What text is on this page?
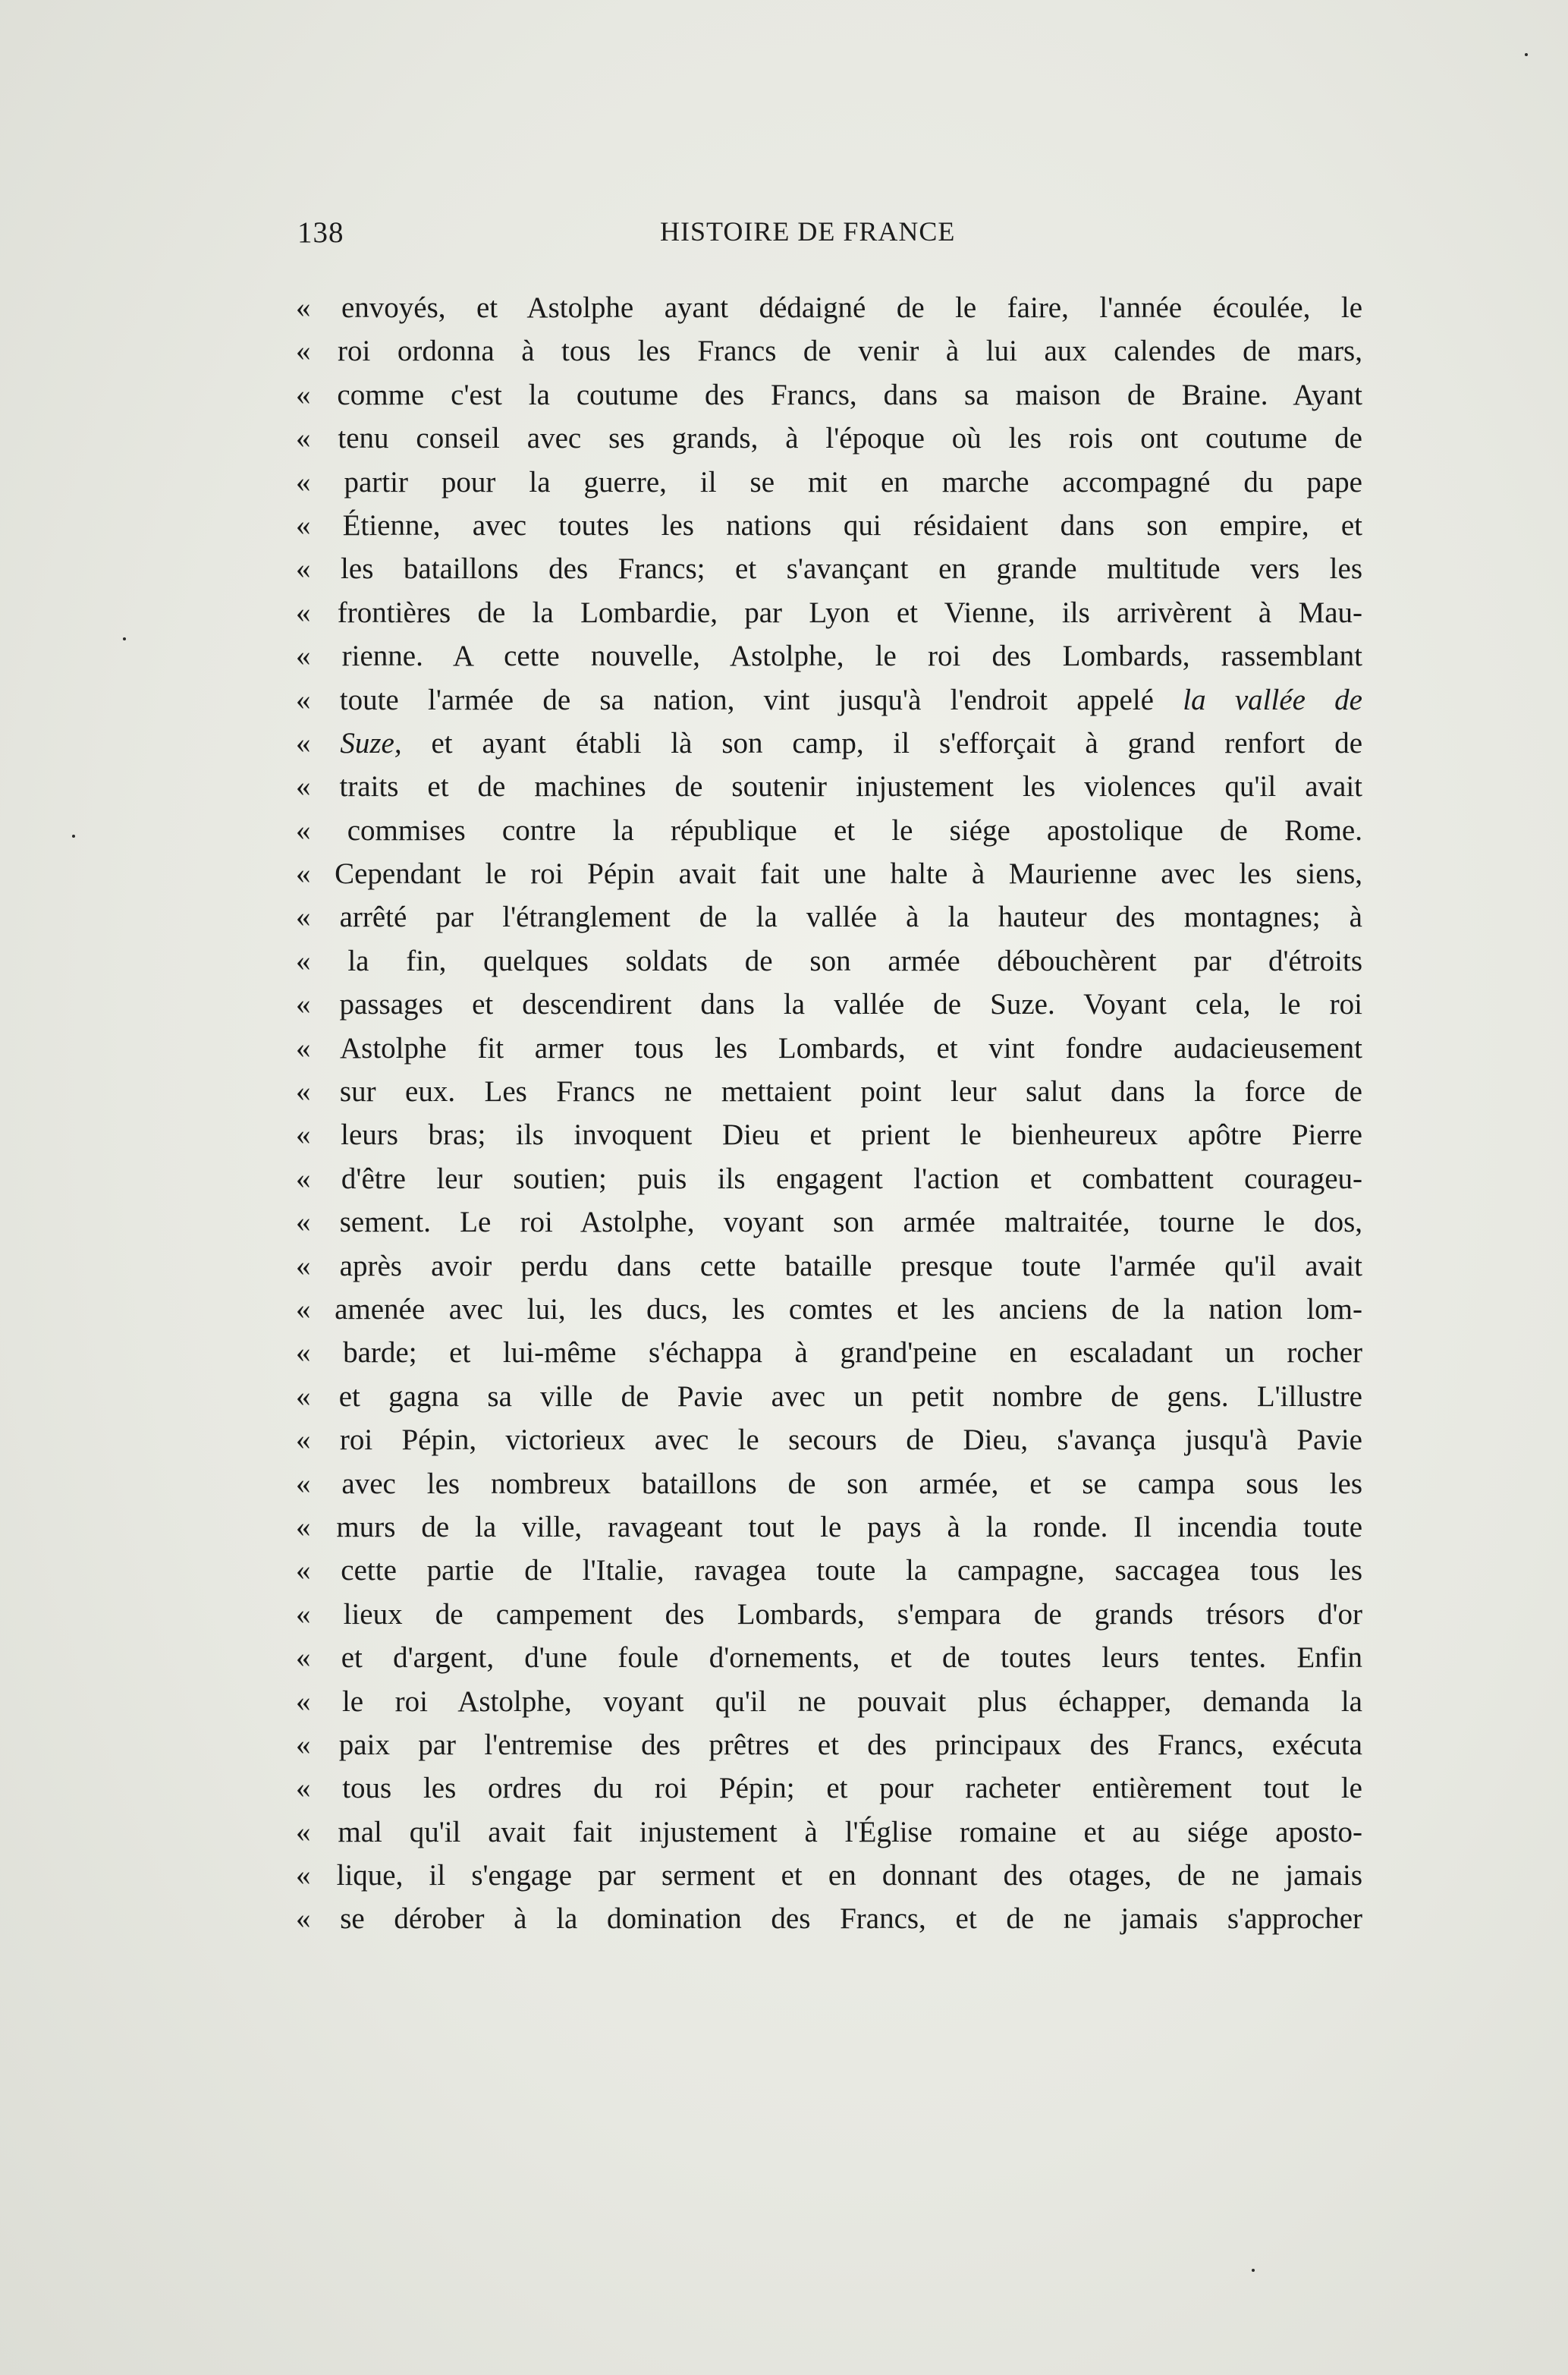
138	HISTOIRE DE FRANCE
« envoyés, et Astolphe ayant dédaigné de le faire, l'année écoulée, le
« roi ordonna à tous les Francs de venir à lui aux calendes de mars,
« comme c'est la coutume des Francs, dans sa maison de Braine. Ayant
« tenu conseil avec ses grands, à l'époque où les rois ont coutume de
« partir pour la guerre, il se mit en marche accompagné du pape
« Étienne, avec toutes les nations qui résidaient dans son empire, et
« les bataillons des Francs; et s'avançant en grande multitude vers les
« frontières de la Lombardie, par Lyon et Vienne, ils arrivèrent à Mau-
« rienne. A cette nouvelle, Astolphe, le roi des Lombards, rassemblant
« toute l'armée de sa nation, vint jusqu'à l'endroit appelé la vallée de
« Suze, et ayant établi là son camp, il s'efforçait à grand renfort de
« traits et de machines de soutenir injustement les violences qu'il avait
« commises contre la république et le siége apostolique de Rome.
« Cependant le roi Pépin avait fait une halte à Maurienne avec les siens,
« arrêté par l'étranglement de la vallée à la hauteur des montagnes; à
« la fin, quelques soldats de son armée débouchèrent par d'étroits
« passages et descendirent dans la vallée de Suze. Voyant cela, le roi
« Astolphe fit armer tous les Lombards, et vint fondre audacieusement
« sur eux. Les Francs ne mettaient point leur salut dans la force de
« leurs bras; ils invoquent Dieu et prient le bienheureux apôtre Pierre
« d'être leur soutien; puis ils engagent l'action et combattent courageu-
« sement. Le roi Astolphe, voyant son armée maltraitée, tourne le dos,
« après avoir perdu dans cette bataille presque toute l'armée qu'il avait
« amenée avec lui, les ducs, les comtes et les anciens de la nation lom-
« barde; et lui-même s'échappa à grand'peine en escaladant un rocher
« et gagna sa ville de Pavie avec un petit nombre de gens. L'illustre
« roi Pépin, victorieux avec le secours de Dieu, s'avança jusqu'à Pavie
« avec les nombreux bataillons de son armée, et se campa sous les
« murs de la ville, ravageant tout le pays à la ronde. Il incendia toute
« cette partie de l'Italie, ravagea toute la campagne, saccagea tous les
« lieux de campement des Lombards, s'empara de grands trésors d'or
« et d'argent, d'une foule d'ornements, et de toutes leurs tentes. Enfin
« le roi Astolphe, voyant qu'il ne pouvait plus échapper, demanda la
« paix par l'entremise des prêtres et des principaux des Francs, exécuta
« tous les ordres du roi Pépin; et pour racheter entièrement tout le
« mal qu'il avait fait injustement à l'Église romaine et au siége aposto-
« lique, il s'engage par serment et en donnant des otages, de ne jamais
« se dérober à la domination des Francs, et de ne jamais s'approcher
